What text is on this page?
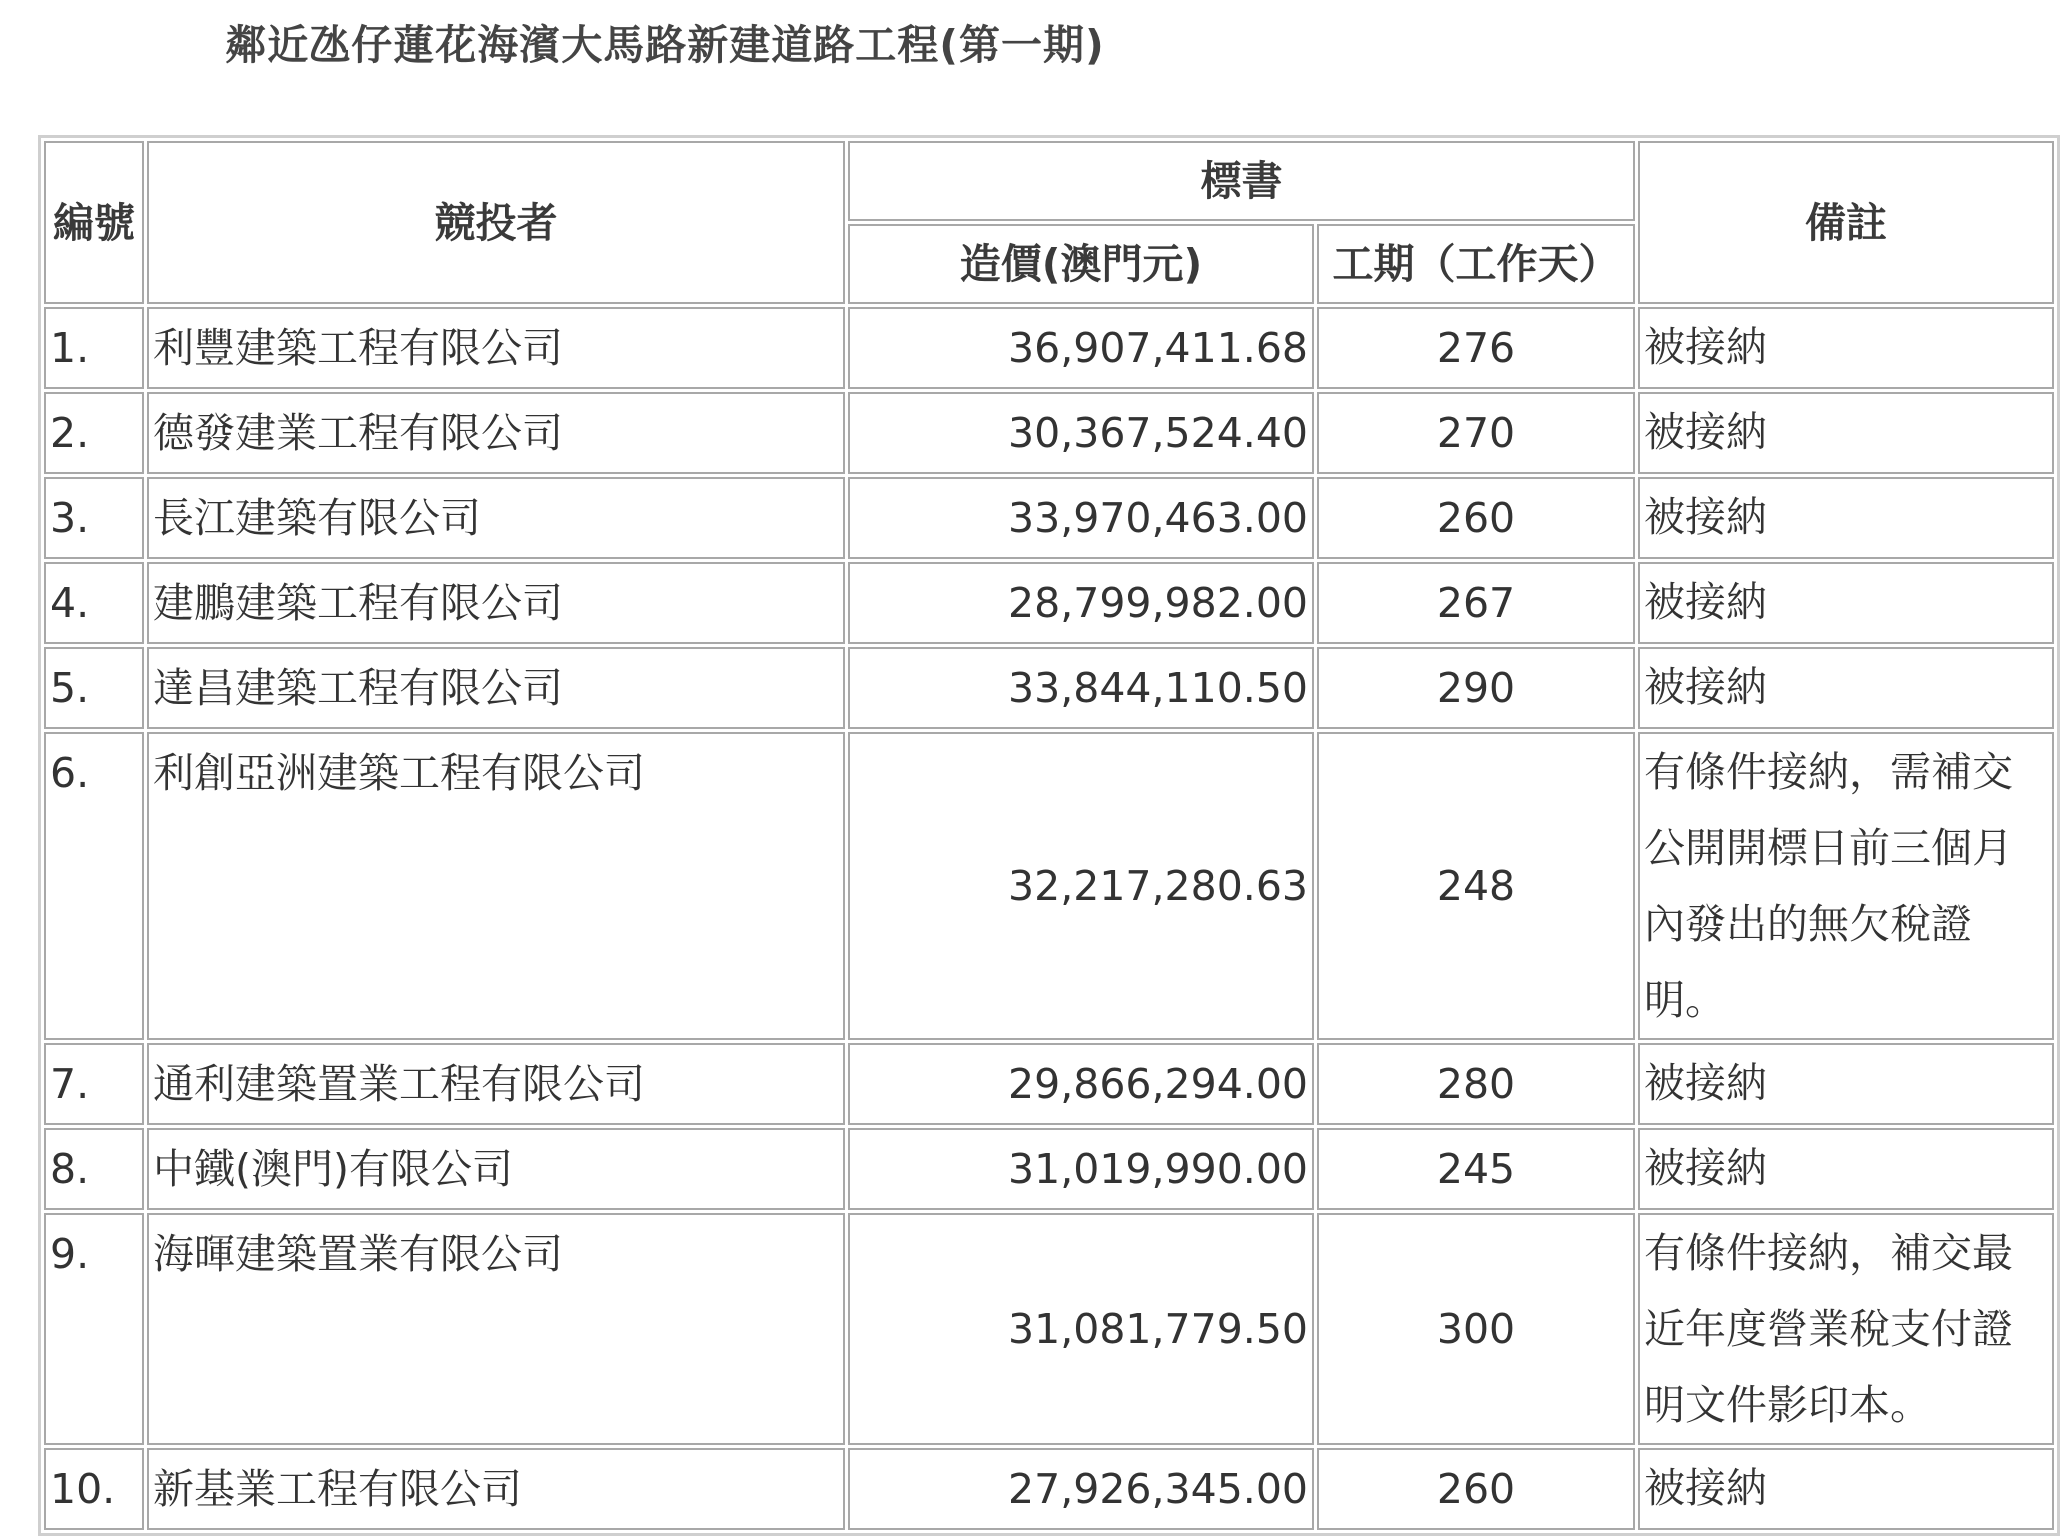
鄰近氹仔蓮花海濱大馬路新建道路工程(第一期)
編號	競投者	標書		備註
		造價(澳門元)	工期（工作天）	
1.	利豐建築工程有限公司	36,907,411.68	276	被接納
2.	德發建業工程有限公司	30,367,524.40	270	被接納
3.	長江建築有限公司	33,970,463.00	260	被接納
4.	建鵬建築工程有限公司	28,799,982.00	267	被接納
5.	達昌建築工程有限公司	33,844,110.50	290	被接納
6.	利創亞洲建築工程有限公司	32,217,280.63	248	有條件接納，需補交公開開標日前三個月內發出的無欠稅證明。
7.	通利建築置業工程有限公司	29,866,294.00	280	被接納
8.	中鐵(澳門)有限公司	31,019,990.00	245	被接納
9.	海暉建築置業有限公司	31,081,779.50	300	有條件接納，補交最近年度營業稅支付證明文件影印本。
10.	新基業工程有限公司	27,926,345.00	260	被接納
